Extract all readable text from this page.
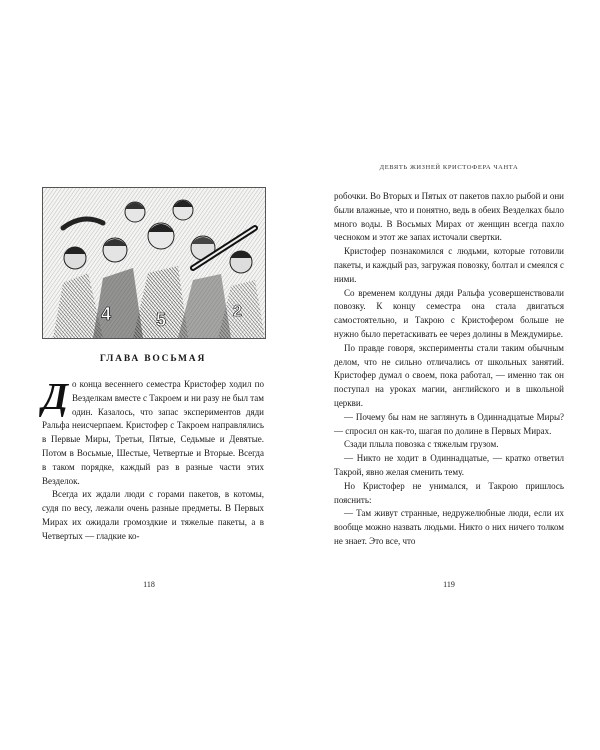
4 5	2
ГЛАВА ВОСЬМАЯ

До конца весеннего семестра Кристофер ходил по Везделкам вместе с Такроем и ни разу не был там один. Казалось, что запас экспериментов дяди Ральфа неисчерпаем. Кристофер с Такроем направлялись в Первые Миры, Третьи, Пятые, Седьмые и Девятые. Потом в Восьмые, Шестые, Четвертые и Вторые. Всегда в таком порядке, каждый раз в разные части этих Везделок.

Всегда их ждали люди с горами пакетов, в котомы, судя по весу, лежали очень разные предметы. В Первых Мирах их ожидали громоздкие и тяжелые пакеты, а в Четвертых — гладкие ко-

118
ДЕВЯТЬ ЖИЗНЕЙ КРИСТОФЕРА ЧАНТА

робочки. Во Вторых и Пятых от пакетов пахло рыбой и они были влажные, что и понятно, ведь в обеих Везделках было много воды. В Восьмых Мирах от женщин всегда пахло чесноком и этот же запах источали свертки.

Кристофер познакомился с людьми, которые готовили пакеты, и каждый раз, загружая повозку, болтал и смеялся с ними.

Со временем колдуны дяди Ральфа усовершенствовали повозку. К концу семестра она стала двигаться самостоятельно, и Такрою с Кристофером больше не нужно было перетаскивать ее через долины в Междумирье.

По правде говоря, эксперименты стали таким обычным делом, что не сильно отличались от школьных занятий. Кристофер думал о своем, пока работал, — именно так он поступал на уроках магии, английского и в школьной церкви.

— Почему бы нам не заглянуть в Одиннадцатые Миры? — спросил он как-то, шагая по долине в Первых Мирах.

Сзади плыла повозка с тяжелым грузом.

— Никто не ходит в Одиннадцатые, — кратко ответил Такрой, явно желая сменить тему.

Но Кристофер не унимался, и Такрою пришлось пояснить:

— Там живут странные, недружелюбные люди, если их вообще можно назвать людьми. Никто о них ничего толком не знает. Это все, что

119
